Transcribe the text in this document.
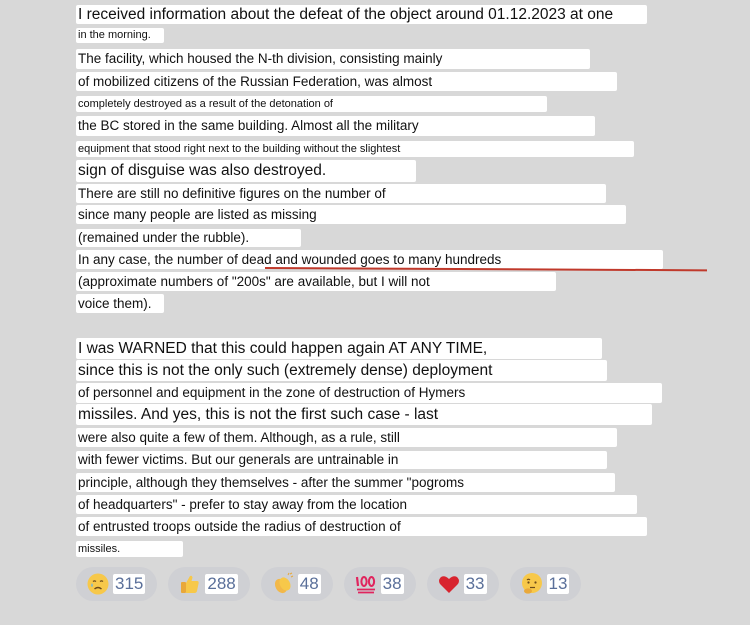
I received information about the defeat of the object around 01.12.2023 at one
in the morning.
The facility, which housed the N-th division, consisting mainly
of mobilized citizens of the Russian Federation, was almost
completely destroyed as a result of the detonation of
the BC stored in the same building. Almost all the military
equipment that stood right next to the building without the slightest
sign of disguise was also destroyed.
There are still no definitive figures on the number of
since many people are listed as missing
(remained under the rubble).
In any case, the number of dead and wounded goes to many hundreds
(approximate numbers of "200s" are available, but I will not
voice them).
I was WARNED that this could happen again AT ANY TIME,
since this is not the only such (extremely dense) deployment
of personnel and equipment in the zone of destruction of Hymers
missiles. And yes, this is not the first such case - last
were also quite a few of them. Although, as a rule, still
with fewer victims. But our generals are untrainable in
principle, although they themselves - after the summer "pogroms
of headquarters" - prefer to stay away from the location
of entrusted troops outside the radius of destruction of
missiles.
315	288	48	38	33	13
